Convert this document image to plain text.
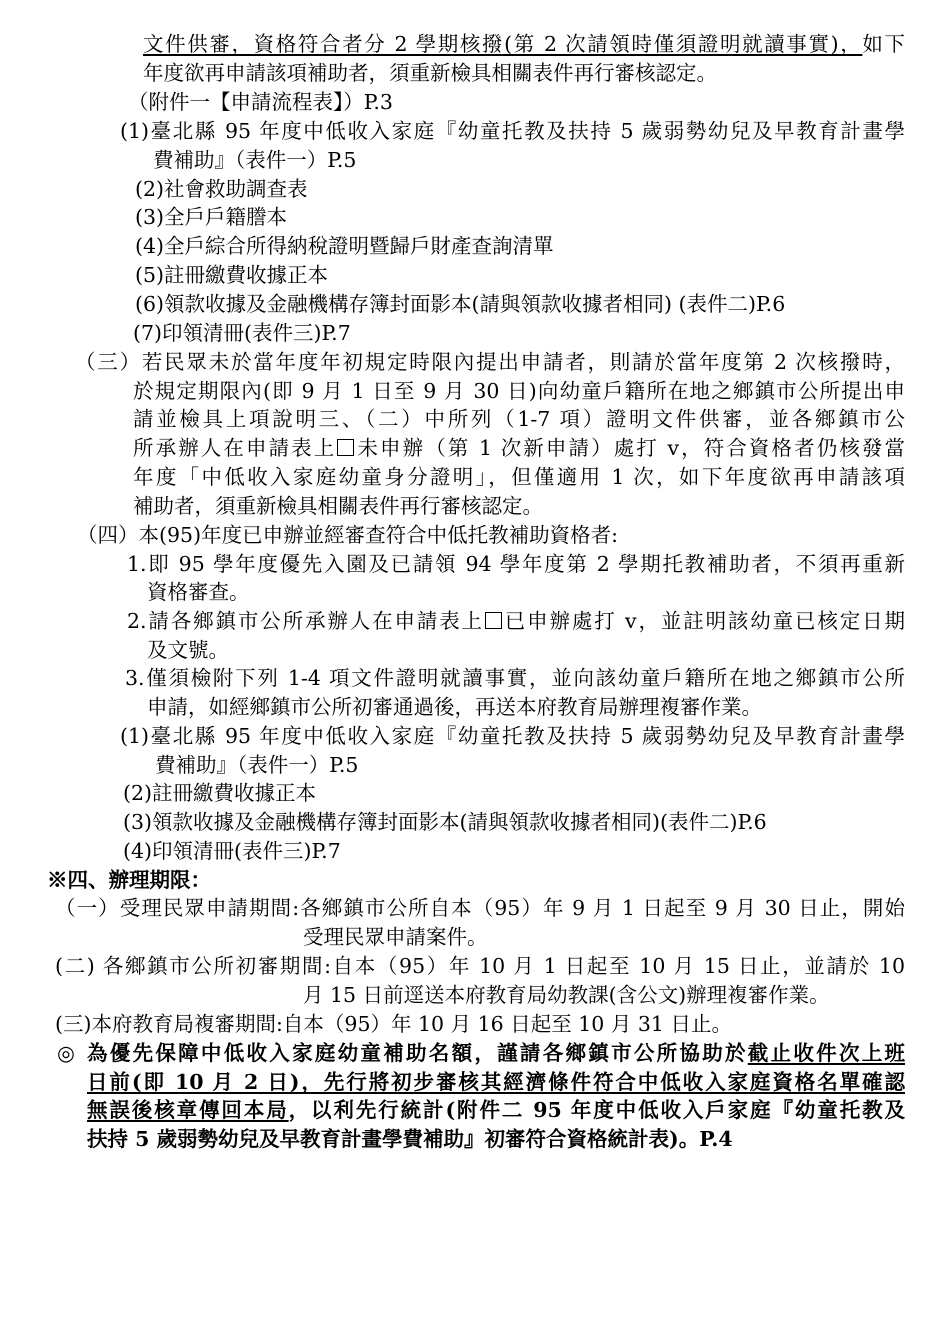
文件供審，資格符合者分 2 學期核撥(第 2 次請領時僅須證明就讀事實)，如下
年度欲再申請該項補助者，須重新檢具相關表件再行審核認定。
（附件一【申請流程表】）P.3
(1)臺北縣 95 年度中低收入家庭『幼童托教及扶持 5 歲弱勢幼兒及早教育計畫學
費補助』（表件一）P.5
(2)社會救助調查表
(3)全戶戶籍謄本
(4)全戶綜合所得納稅證明暨歸戶財產查詢清單
(5)註冊繳費收據正本
(6)領款收據及金融機構存簿封面影本(請與領款收據者相同) (表件二)P.6
(7)印領清冊(表件三)P.7
（三）若民眾未於當年度年初規定時限內提出申請者，則請於當年度第 2 次核撥時，
於規定期限內(即 9 月 1 日至 9 月 30 日)向幼童戶籍所在地之鄉鎮市公所提出申
請並檢具上項說明三、（二）中所列（1-7 項）證明文件供審，並各鄉鎮市公
所承辦人在申請表上 未申辦（第 1 次新申請）處打 v，符合資格者仍核發當
年度「中低收入家庭幼童身分證明」，但僅適用 1 次，如下年度欲再申請該項
補助者，須重新檢具相關表件再行審核認定。
（四）本(95)年度已申辦並經審查符合中低托教補助資格者:
1.即 95 學年度優先入園及已請領 94 學年度第 2 學期托教補助者，不須再重新
資格審查。
2.請各鄉鎮市公所承辦人在申請表上 已申辦處打 v，並註明該幼童已核定日期
及文號。
3.僅須檢附下列 1-4 項文件證明就讀事實，並向該幼童戶籍所在地之鄉鎮市公所
申請，如經鄉鎮市公所初審通過後，再送本府教育局辦理複審作業。
(1)臺北縣 95 年度中低收入家庭『幼童托教及扶持 5 歲弱勢幼兒及早教育計畫學
費補助』（表件一）P.5
(2)註冊繳費收據正本
(3)領款收據及金融機構存簿封面影本(請與領款收據者相同)(表件二)P.6
(4)印領清冊(表件三)P.7
※四、辦理期限：
（一）受理民眾申請期間:各鄉鎮市公所自本（95）年 9 月 1 日起至 9 月 30 日止，開始
受理民眾申請案件。
(二) 各鄉鎮市公所初審期間:自本（95）年 10 月 1 日起至 10 月 15 日止，並請於 10
月 15 日前逕送本府教育局幼教課(含公文)辦理複審作業。
(三)本府教育局複審期間:自本（95）年 10 月 16 日起至 10 月 31 日止。
◎ 為優先保障中低收入家庭幼童補助名額，謹請各鄉鎮市公所協助於截止收件次上班
日前(即 10 月 2 日)，先行將初步審核其經濟條件符合中低收入家庭資格名單確認
無誤後核章傳回本局，以利先行統計(附件二 95 年度中低收入戶家庭『幼童托教及
扶持 5 歲弱勢幼兒及早教育計畫學費補助』初審符合資格統計表)。P.4
